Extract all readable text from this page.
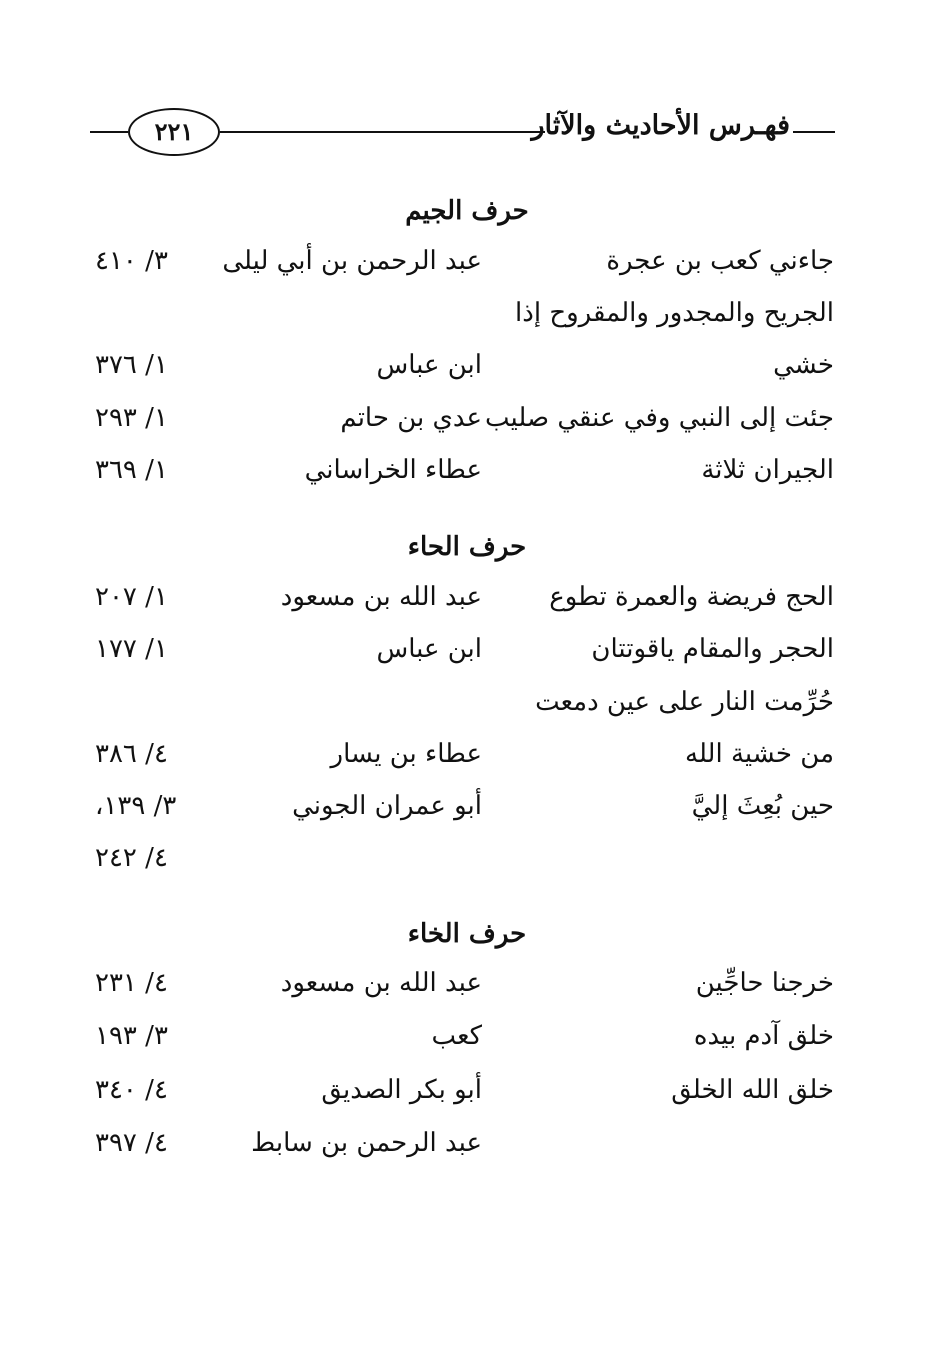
فهـرس الأحاديث والآثار
٢٢١
حرف الجيم
جاءني كعب بن عجرة
عبد الرحمن بن أبي ليلى
٣/ ٤١٠
الجريح والمجدور والمقروح إذا
خشي
ابن عباس
١/ ٣٧٦
جئت إلى النبي وفي عنقي صليب
عدي بن حاتم
١/ ٢٩٣
الجيران ثلاثة
عطاء الخراساني
١/ ٣٦٩
حرف الحاء
الحج فريضة والعمرة تطوع
عبد الله بن مسعود
١/ ٢٠٧
الحجر والمقام ياقوتتان
ابن عباس
١/ ١٧٧
حُرِّمت النار على عين دمعت
من خشية الله
عطاء بن يسار
٤/ ٣٨٦
حين بُعِثَ إليَّ
أبو عمران الجوني
٣/ ١٣٩،
٤/ ٢٤٢
حرف الخاء
خرجنا حاجِّين
عبد الله بن مسعود
٤/ ٢٣١
خلق آدم بيده
كعب
٣/ ١٩٣
خلق الله الخلق
أبو بكر الصديق
٤/ ٣٤٠
عبد الرحمن بن سابط
٤/ ٣٩٧
